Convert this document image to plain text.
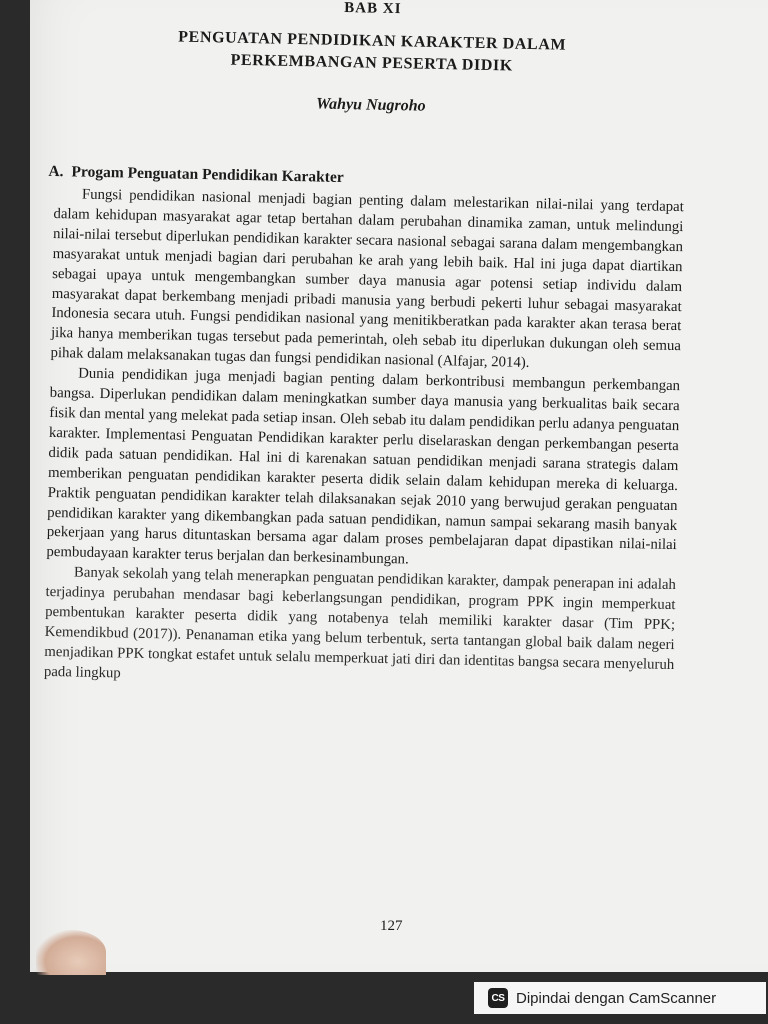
BAB XI
PENGUATAN PENDIDIKAN KARAKTER DALAM
PERKEMBANGAN PESERTA DIDIK
Wahyu Nugroho
A. Progam Penguatan Pendidikan Karakter

Fungsi pendidikan nasional menjadi bagian penting dalam melestarikan nilai-nilai yang terdapat dalam kehidupan masyarakat agar tetap bertahan dalam perubahan dinamika zaman, untuk melindungi nilai-nilai tersebut diperlukan pendidikan karakter secara nasional sebagai sarana dalam mengembangkan masyarakat untuk menjadi bagian dari perubahan ke arah yang lebih baik. Hal ini juga dapat diartikan sebagai upaya untuk mengembangkan sumber daya manusia agar potensi setiap individu dalam masyarakat dapat berkembang menjadi pribadi manusia yang berbudi pekerti luhur sebagai masyarakat Indonesia secara utuh. Fungsi pendidikan nasional yang menitikberatkan pada karakter akan terasa berat jika hanya memberikan tugas tersebut pada pemerintah, oleh sebab itu diperlukan dukungan oleh semua pihak dalam melaksanakan tugas dan fungsi pendidikan nasional (Alfajar, 2014).

Dunia pendidikan juga menjadi bagian penting dalam berkontribusi membangun perkembangan bangsa. Diperlukan pendidikan dalam meningkatkan sumber daya manusia yang berkualitas baik secara fisik dan mental yang melekat pada setiap insan. Oleh sebab itu dalam pendidikan perlu adanya penguatan karakter. Implementasi Penguatan Pendidikan karakter perlu diselaraskan dengan perkembangan peserta didik pada satuan pendidikan. Hal ini di karenakan satuan pendidikan menjadi sarana strategis dalam memberikan penguatan pendidikan karakter peserta didik selain dalam kehidupan mereka di keluarga. Praktik penguatan pendidikan karakter telah dilaksanakan sejak 2010 yang berwujud gerakan penguatan pendidikan karakter yang dikembangkan pada satuan pendidikan, namun sampai sekarang masih banyak pekerjaan yang harus dituntaskan bersama agar dalam proses pembelajaran dapat dipastikan nilai-nilai pembudayaan karakter terus berjalan dan berkesinambungan.

Banyak sekolah yang telah menerapkan penguatan pendidikan karakter, dampak penerapan ini adalah terjadinya perubahan mendasar bagi keberlangsungan pendidikan, program PPK ingin memperkuat pembentukan karakter peserta didik yang notabenya telah memiliki karakter dasar (Tim PPK; Kemendikbud (2017)). Penanaman etika yang belum terbentuk, serta tantangan global baik dalam negeri menjadikan PPK tongkat estafet untuk selalu memperkuat jati diri dan identitas bangsa secara menyeluruh pada lingkup

127
CS Dipindai dengan CamScanner
